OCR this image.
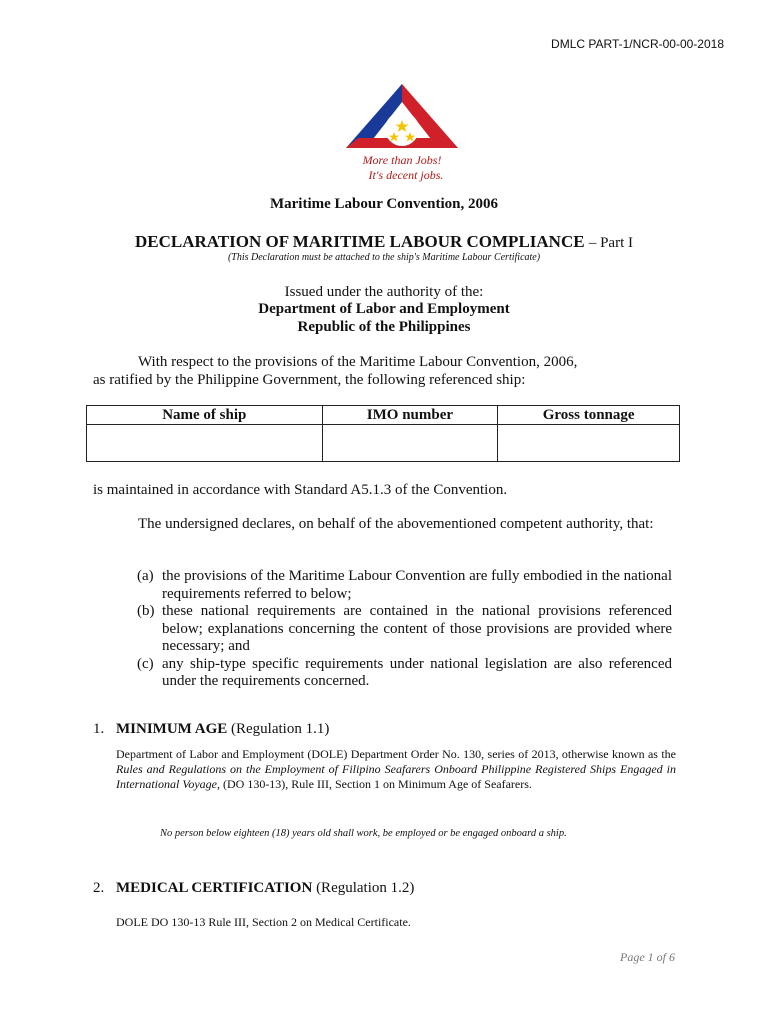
DMLC PART-1/NCR-00-00-2018
More than Jobs!
It's decent jobs.
Maritime Labour Convention, 2006
DECLARATION OF MARITIME LABOUR COMPLIANCE – Part I
(This Declaration must be attached to the ship's Maritime Labour Certificate)
Issued under the authority of the:
Department of Labor and Employment
Republic of the Philippines
With respect to the provisions of the Maritime Labour Convention, 2006,
as ratified by the Philippine Government, the following referenced ship:
Name of ship	IMO number	Gross tonnage

is maintained in accordance with Standard A5.1.3 of the Convention.
The undersigned declares, on behalf of the abovementioned competent authority, that:
(a) the provisions of the Maritime Labour Convention are fully embodied in the national requirements referred to below;
(b) these national requirements are contained in the national provisions referenced below; explanations concerning the content of those provisions are provided where necessary; and
(c) any ship-type specific requirements under national legislation are also referenced under the requirements concerned.
1. MINIMUM AGE (Regulation 1.1)
Department of Labor and Employment (DOLE) Department Order No. 130, series of 2013, otherwise known as the Rules and Regulations on the Employment of Filipino Seafarers Onboard Philippine Registered Ships Engaged in International Voyage, (DO 130-13), Rule III, Section 1 on Minimum Age of Seafarers.
No person below eighteen (18) years old shall work, be employed or be engaged onboard a ship.
2. MEDICAL CERTIFICATION (Regulation 1.2)
DOLE DO 130-13 Rule III, Section 2 on Medical Certificate.
Page 1 of 6
